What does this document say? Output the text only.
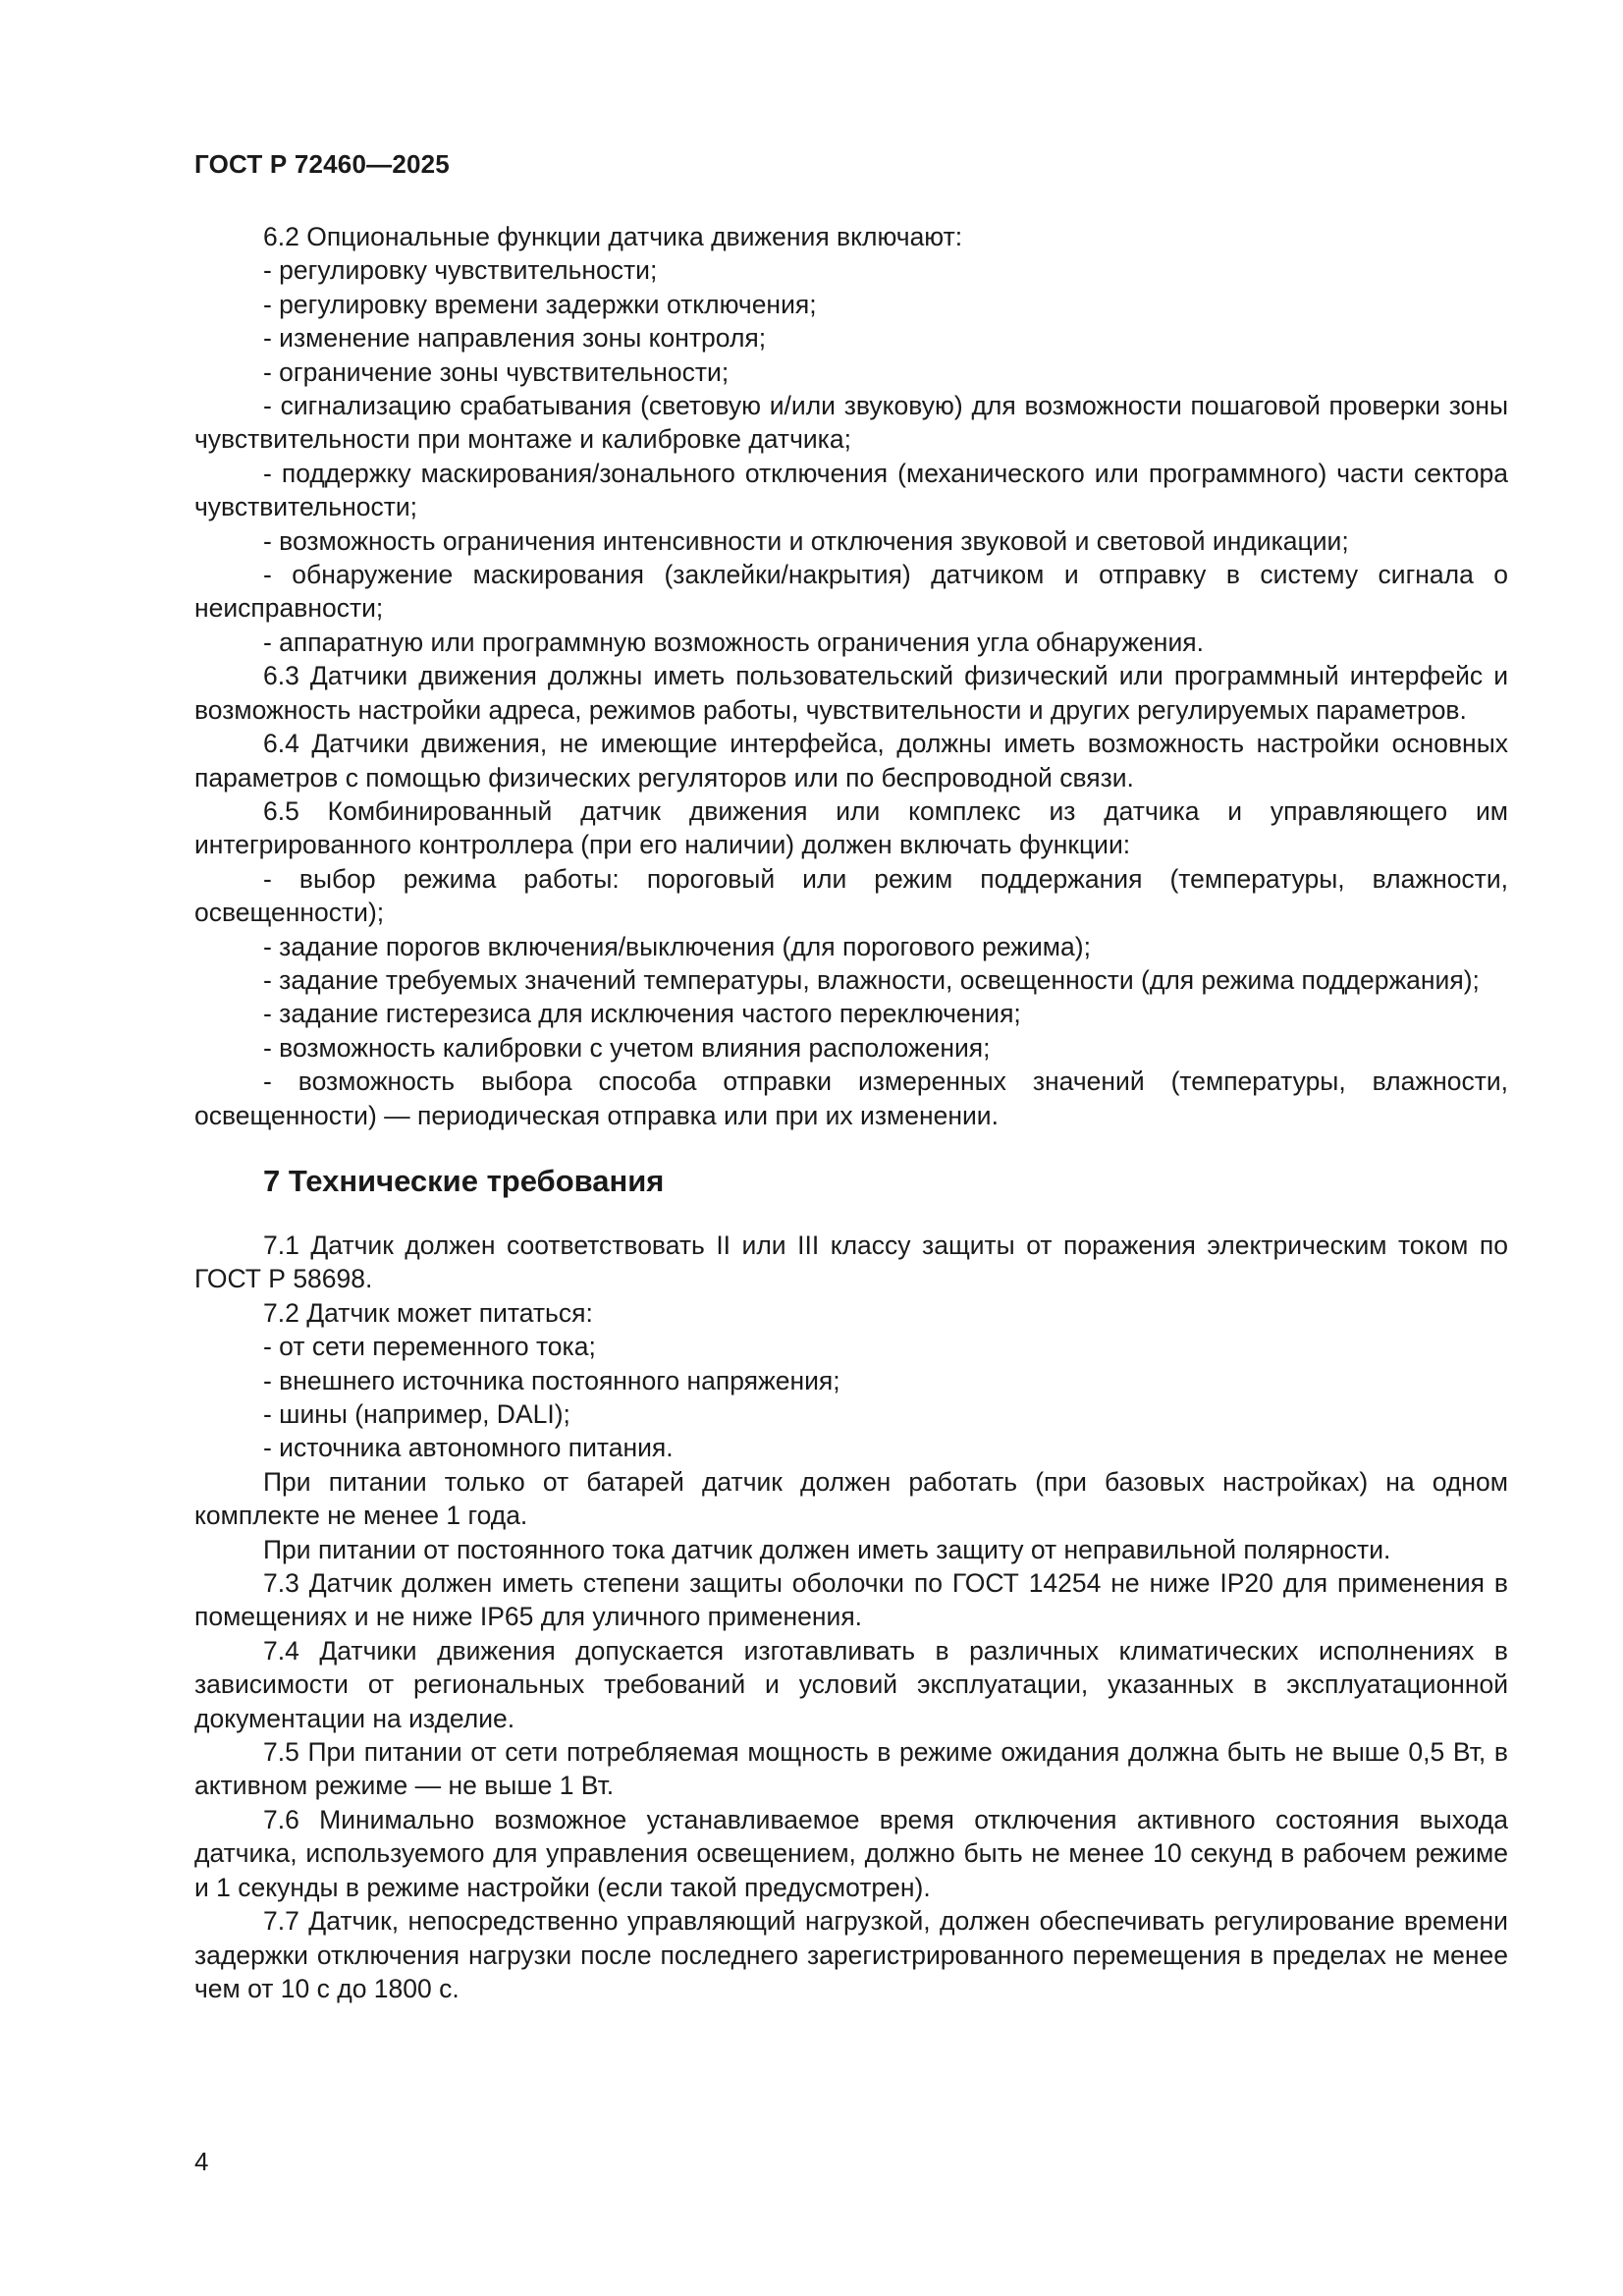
ГОСТ Р 72460—2025

6.2 Опциональные функции датчика движения включают:

- регулировку чувствительности;

- регулировку времени задержки отключения;

- изменение направления зоны контроля;

- ограничение зоны чувствительности;

- сигнализацию срабатывания (световую и/или звуковую) для возможности пошаговой проверки зоны чувствительности при монтаже и калибровке датчика;

- поддержку маскирования/зонального отключения (механического или программного) части сектора чувствительности;

- возможность ограничения интенсивности и отключения звуковой и световой индикации;

- обнаружение маскирования (заклейки/накрытия) датчиком и отправку в систему сигнала о неисправности;

- аппаратную или программную возможность ограничения угла обнаружения.

6.3 Датчики движения должны иметь пользовательский физический или программный интерфейс и возможность настройки адреса, режимов работы, чувствительности и других регулируемых параметров.

6.4 Датчики движения, не имеющие интерфейса, должны иметь возможность настройки основных параметров с помощью физических регуляторов или по беспроводной связи.

6.5 Комбинированный датчик движения или комплекс из датчика и управляющего им интегрированного контроллера (при его наличии) должен включать функции:

- выбор режима работы: пороговый или режим поддержания (температуры, влажности, освещенности);

- задание порогов включения/выключения (для порогового режима);

- задание требуемых значений температуры, влажности, освещенности (для режима поддержания);

- задание гистерезиса для исключения частого переключения;

- возможность калибровки с учетом влияния расположения;

- возможность выбора способа отправки измеренных значений (температуры, влажности, освещенности) — периодическая отправка или при их изменении.

7 Технические требования

7.1 Датчик должен соответствовать II или III классу защиты от поражения электрическим током по ГОСТ Р 58698.

7.2 Датчик может питаться:

- от сети переменного тока;

- внешнего источника постоянного напряжения;

- шины (например, DALI);

- источника автономного питания.

При питании только от батарей датчик должен работать (при базовых настройках) на одном комплекте не менее 1 года.

При питании от постоянного тока датчик должен иметь защиту от неправильной полярности.

7.3 Датчик должен иметь степени защиты оболочки по ГОСТ 14254 не ниже IP20 для применения в помещениях и не ниже IP65 для уличного применения.

7.4 Датчики движения допускается изготавливать в различных климатических исполнениях в зависимости от региональных требований и условий эксплуатации, указанных в эксплуатационной документации на изделие.

7.5 При питании от сети потребляемая мощность в режиме ожидания должна быть не выше 0,5 Вт, в активном режиме — не выше 1 Вт.

7.6 Минимально возможное устанавливаемое время отключения активного состояния выхода датчика, используемого для управления освещением, должно быть не менее 10 секунд в рабочем режиме и 1 секунды в режиме настройки (если такой предусмотрен).

7.7 Датчик, непосредственно управляющий нагрузкой, должен обеспечивать регулирование времени задержки отключения нагрузки после последнего зарегистрированного перемещения в пределах не менее чем от 10 с до 1800 с.

4
